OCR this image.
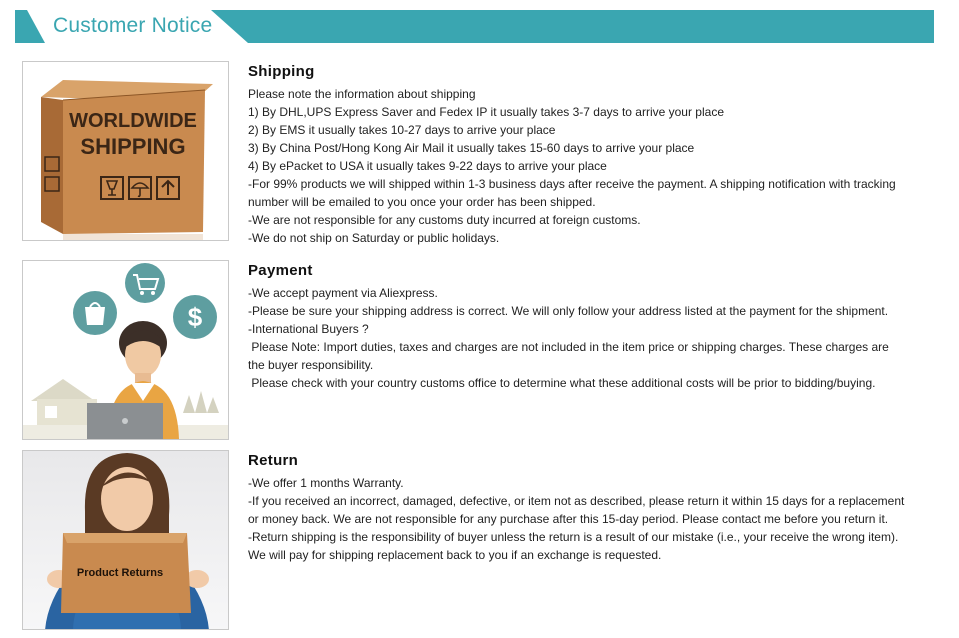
Customer Notice
WORLDWIDE
SHIPPING
Shipping
Please note the information about shipping
1) By DHL,UPS Express Saver and Fedex IP it usually takes 3-7 days to arrive your place
2) By EMS it usually takes 10-27 days to arrive your place
3) By China Post/Hong Kong Air Mail it usually takes 15-60 days to arrive your place
4) By ePacket to USA it usually takes 9-22 days to arrive your place
-For 99% products we will shipped within 1-3 business days after receive the payment. A shipping notification with tracking
number will be emailed to you once your order has been shipped.
-We are not responsible for any customs duty incurred at foreign customs.
-We do not ship on Saturday or public holidays.
$
Payment
-We accept payment via Aliexpress.
-Please be sure your shipping address is correct. We will only follow your address listed at the payment for the shipment.
-International Buyers ?
Please Note: Import duties, taxes and charges are not included in the item price or shipping charges. These charges are
the buyer responsibility.
Please check with your country customs office to determine what these additional costs will be prior to bidding/buying.
Product Returns
Return
-We offer 1 months Warranty.
-If you received an incorrect, damaged, defective, or item not as described, please return it within 15 days for a replacement
or money back. We are not responsible for any purchase after this 15-day period. Please contact me before you return it.
-Return shipping is the responsibility of buyer unless the return is a result of our mistake (i.e., your receive the wrong item).
We will pay for shipping replacement back to you if an exchange is requested.
